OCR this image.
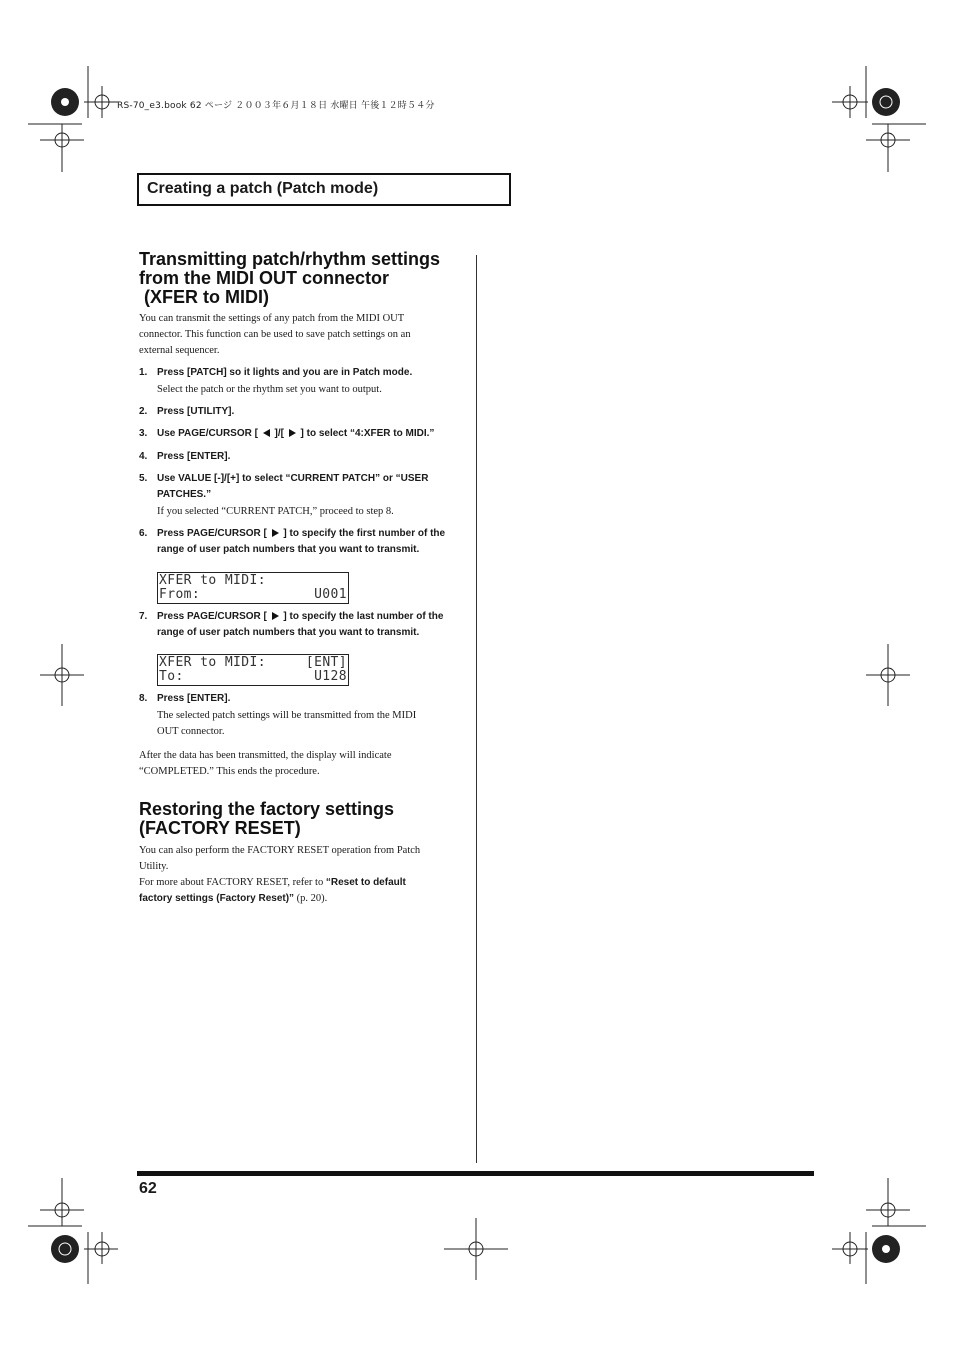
RS-70_e3.book 62 ページ ２００３年６月１８日 水曜日 午後１２時５４分
Creating a patch (Patch mode)
Transmitting patch/rhythm settings
from the MIDI OUT connector
(XFER to MIDI)

You can transmit the settings of any patch from the MIDI OUT

connector. This function can be used to save patch settings on an

external sequencer.

1. Press [PATCH] so it lights and you are in Patch mode.
Select the patch or the rhythm set you want to output.
2. Press [UTILITY].
3. Use PAGE/CURSOR [  ]/[  ] to select “4:XFER to MIDI.”
4. Press [ENTER].
5. Use VALUE [-]/[+] to select “CURRENT PATCH” or “USER
PATCHES.”
If you selected “CURRENT PATCH,” proceed to step 8.
6. Press PAGE/CURSOR [  ] to specify the first number of the
range of user patch numbers that you want to transmit.
XFER to MIDI:
From:	U001
7. Press PAGE/CURSOR [  ] to specify the last number of the
range of user patch numbers that you want to transmit.
XFER to MIDI:	[ENT]
To:	U128
8. Press [ENTER].
The selected patch settings will be transmitted from the MIDI
OUT connector.

After the data has been transmitted, the display will indicate

“COMPLETED.” This ends the procedure.

Restoring the factory settings
(FACTORY RESET)

You can also perform the FACTORY RESET operation from Patch

Utility.

For more about FACTORY RESET, refer to “Reset to default

factory settings (Factory Reset)” (p. 20).

62
